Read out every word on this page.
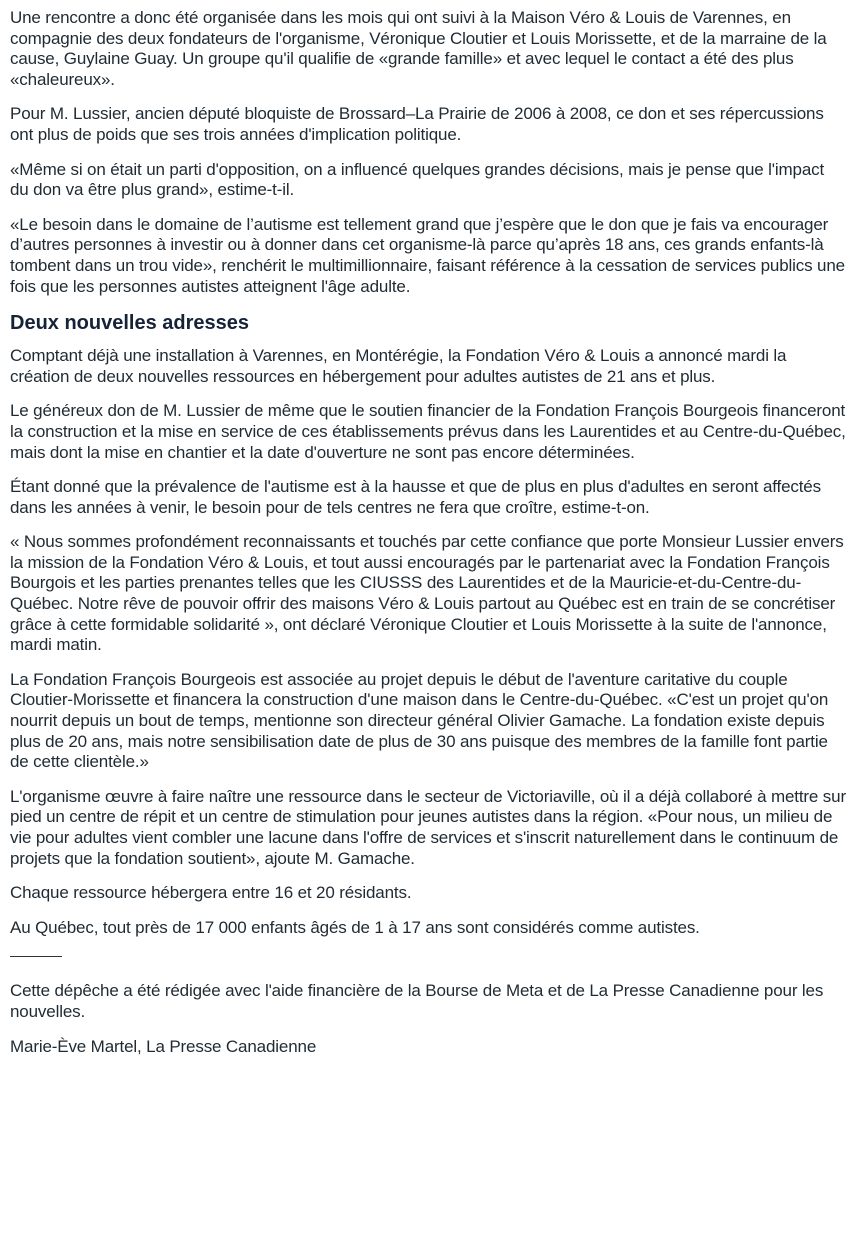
Une rencontre a donc été organisée dans les mois qui ont suivi à la Maison Véro & Louis de Varennes, en compagnie des deux fondateurs de l'organisme, Véronique Cloutier et Louis Morissette, et de la marraine de la cause, Guylaine Guay. Un groupe qu'il qualifie de «grande famille» et avec lequel le contact a été des plus «chaleureux».

Pour M. Lussier, ancien député bloquiste de Brossard–La Prairie de 2006 à 2008, ce don et ses répercussions ont plus de poids que ses trois années d'implication politique.

«Même si on était un parti d'opposition, on a influencé quelques grandes décisions, mais je pense que l'impact du don va être plus grand», estime-t-il.

«Le besoin dans le domaine de l’autisme est tellement grand que j’espère que le don que je fais va encourager d’autres personnes à investir ou à donner dans cet organisme-là parce qu’après 18 ans, ces grands enfants-là tombent dans un trou vide», renchérit le multimillionnaire, faisant référence à la cessation de services publics une fois que les personnes autistes atteignent l'âge adulte.

Deux nouvelles adresses

Comptant déjà une installation à Varennes, en Montérégie, la Fondation Véro & Louis a annoncé mardi la création de deux nouvelles ressources en hébergement pour adultes autistes de 21 ans et plus.

Le généreux don de M. Lussier de même que le soutien financier de la Fondation François Bourgeois financeront la construction et la mise en service de ces établissements prévus dans les Laurentides et au Centre-du-Québec, mais dont la mise en chantier et la date d'ouverture ne sont pas encore déterminées.

Étant donné que la prévalence de l'autisme est à la hausse et que de plus en plus d'adultes en seront affectés dans les années à venir, le besoin pour de tels centres ne fera que croître, estime-t-on.

« Nous sommes profondément reconnaissants et touchés par cette confiance que porte Monsieur Lussier envers la mission de la Fondation Véro & Louis, et tout aussi encouragés par le partenariat avec la Fondation François Bourgois et les parties prenantes telles que les CIUSSS des Laurentides et de la Mauricie-et-du-Centre-du-Québec. Notre rêve de pouvoir offrir des maisons Véro & Louis partout au Québec est en train de se concrétiser grâce à cette formidable solidarité », ont déclaré Véronique Cloutier et Louis Morissette à la suite de l'annonce, mardi matin.

La Fondation François Bourgeois est associée au projet depuis le début de l'aventure caritative du couple Cloutier-Morissette et financera la construction d'une maison dans le Centre-du-Québec. «C'est un projet qu'on nourrit depuis un bout de temps, mentionne son directeur général Olivier Gamache. La fondation existe depuis plus de 20 ans, mais notre sensibilisation date de plus de 30 ans puisque des membres de la famille font partie de cette clientèle.»

L'organisme œuvre à faire naître une ressource dans le secteur de Victoriaville, où il a déjà collaboré à mettre sur pied un centre de répit et un centre de stimulation pour jeunes autistes dans la région. «Pour nous, un milieu de vie pour adultes vient combler une lacune dans l'offre de services et s'inscrit naturellement dans le continuum de projets que la fondation soutient», ajoute M. Gamache.

Chaque ressource hébergera entre 16 et 20 résidants.

Au Québec, tout près de 17 000 enfants âgés de 1 à 17 ans sont considérés comme autistes.

Cette dépêche a été rédigée avec l'aide financière de la Bourse de Meta et de La Presse Canadienne pour les nouvelles.

Marie-Ève Martel, La Presse Canadienne
